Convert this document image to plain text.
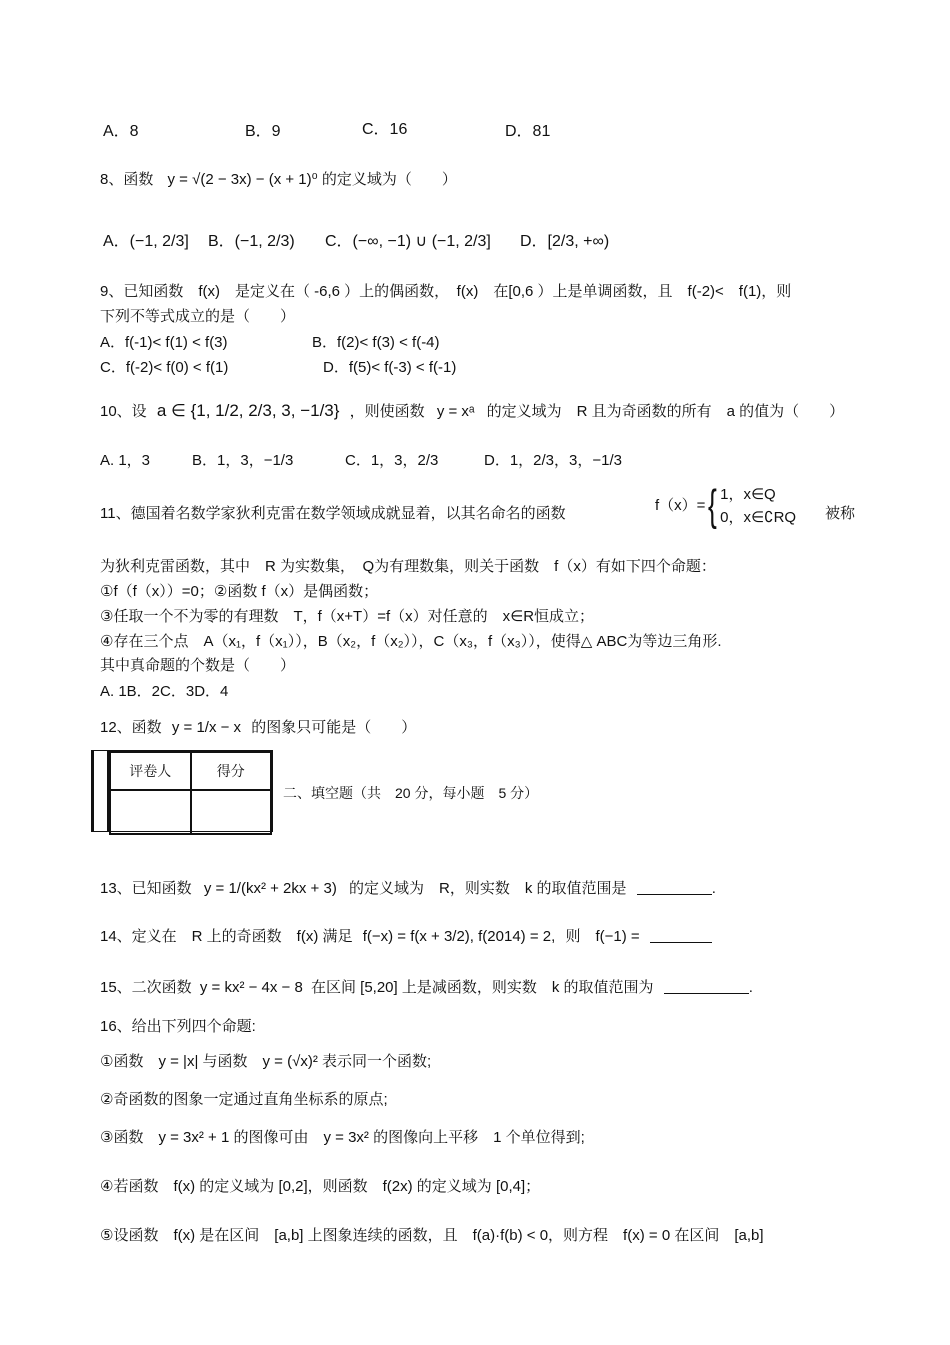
A．8	B．9	C．16	D．81
8、函数 y = √(2 − 3x) − (x + 1)⁰ 的定义域为（　　）
A．(−1, 2/3] B．(−1, 2/3) C．(−∞, −1) ∪ (−1, 2/3] D．[2/3, +∞)
9、已知函数　f(x)　是定义在（ -6,6 ）上的偶函数，　f(x)　在[0,6 ）上是单调函数，且　f(-2)<　f(1)，则
下列不等式成立的是（　　）
A．f(-1)< f(1) < f(3)	B．f(2)< f(3) < f(-4)
C．f(-2)< f(0) < f(1)	D．f(5)< f(-3) < f(-1)
10、设 a ∈ {1, 1/2, 2/3, 3, −1/3} ，则使函数 y = xᵃ 的定义域为　R 且为奇函数的所有　a 的值为（　　）
A. 1，3	B．1，3，−1/3	C．1，3，2/3	D．1，2/3，3，−1/3
11、德国着名数学家狄利克雷在数学领域成就显着，以其名命名的函数	f（x）={ 1，x∈Q
0，x∈∁RQ 被称
为狄利克雷函数，其中　R 为实数集，　Q为有理数集，则关于函数　f（x）有如下四个命题：
①f（f（x））=0；②函数 f（x）是偶函数；
③任取一个不为零的有理数　T，f（x+T）=f（x）对任意的　x∈R恒成立；
④存在三个点　A（x₁，f（x₁）），B（x₂，f（x₂）），C（x₃，f（x₃）），使得△ ABC为等边三角形.
其中真命题的个数是（　　）
A. 1B．2C．3D．4
12、函数 y = 1/x − x 的图象只可能是（　　）
评卷人	得分

二、填空题（共　20 分，每小题　5 分）
13、已知函数 y = 1/(kx² + 2kx + 3) 的定义域为　R，则实数　k 的取值范围是	.
14、定义在　R 上的奇函数　f(x) 满足 f(−x) = f(x + 3/2), f(2014) = 2, 则　f(−1) =
15、二次函数 y = kx² − 4x − 8 在区间 [5,20] 上是减函数，则实数　k 的取值范围为	.
16、给出下列四个命题:
①函数　y = |x| 与函数　y = (√x)² 表示同一个函数;
②奇函数的图象一定通过直角坐标系的原点;
③函数　y = 3x² + 1 的图像可由　y = 3x² 的图像向上平移　1 个单位得到;
④若函数　f(x) 的定义域为 [0,2]，则函数　f(2x) 的定义域为 [0,4]；
⑤设函数　f(x) 是在区间　[a,b] 上图象连续的函数，且　f(a)·f(b) < 0，则方程　f(x) = 0 在区间　[a,b]
